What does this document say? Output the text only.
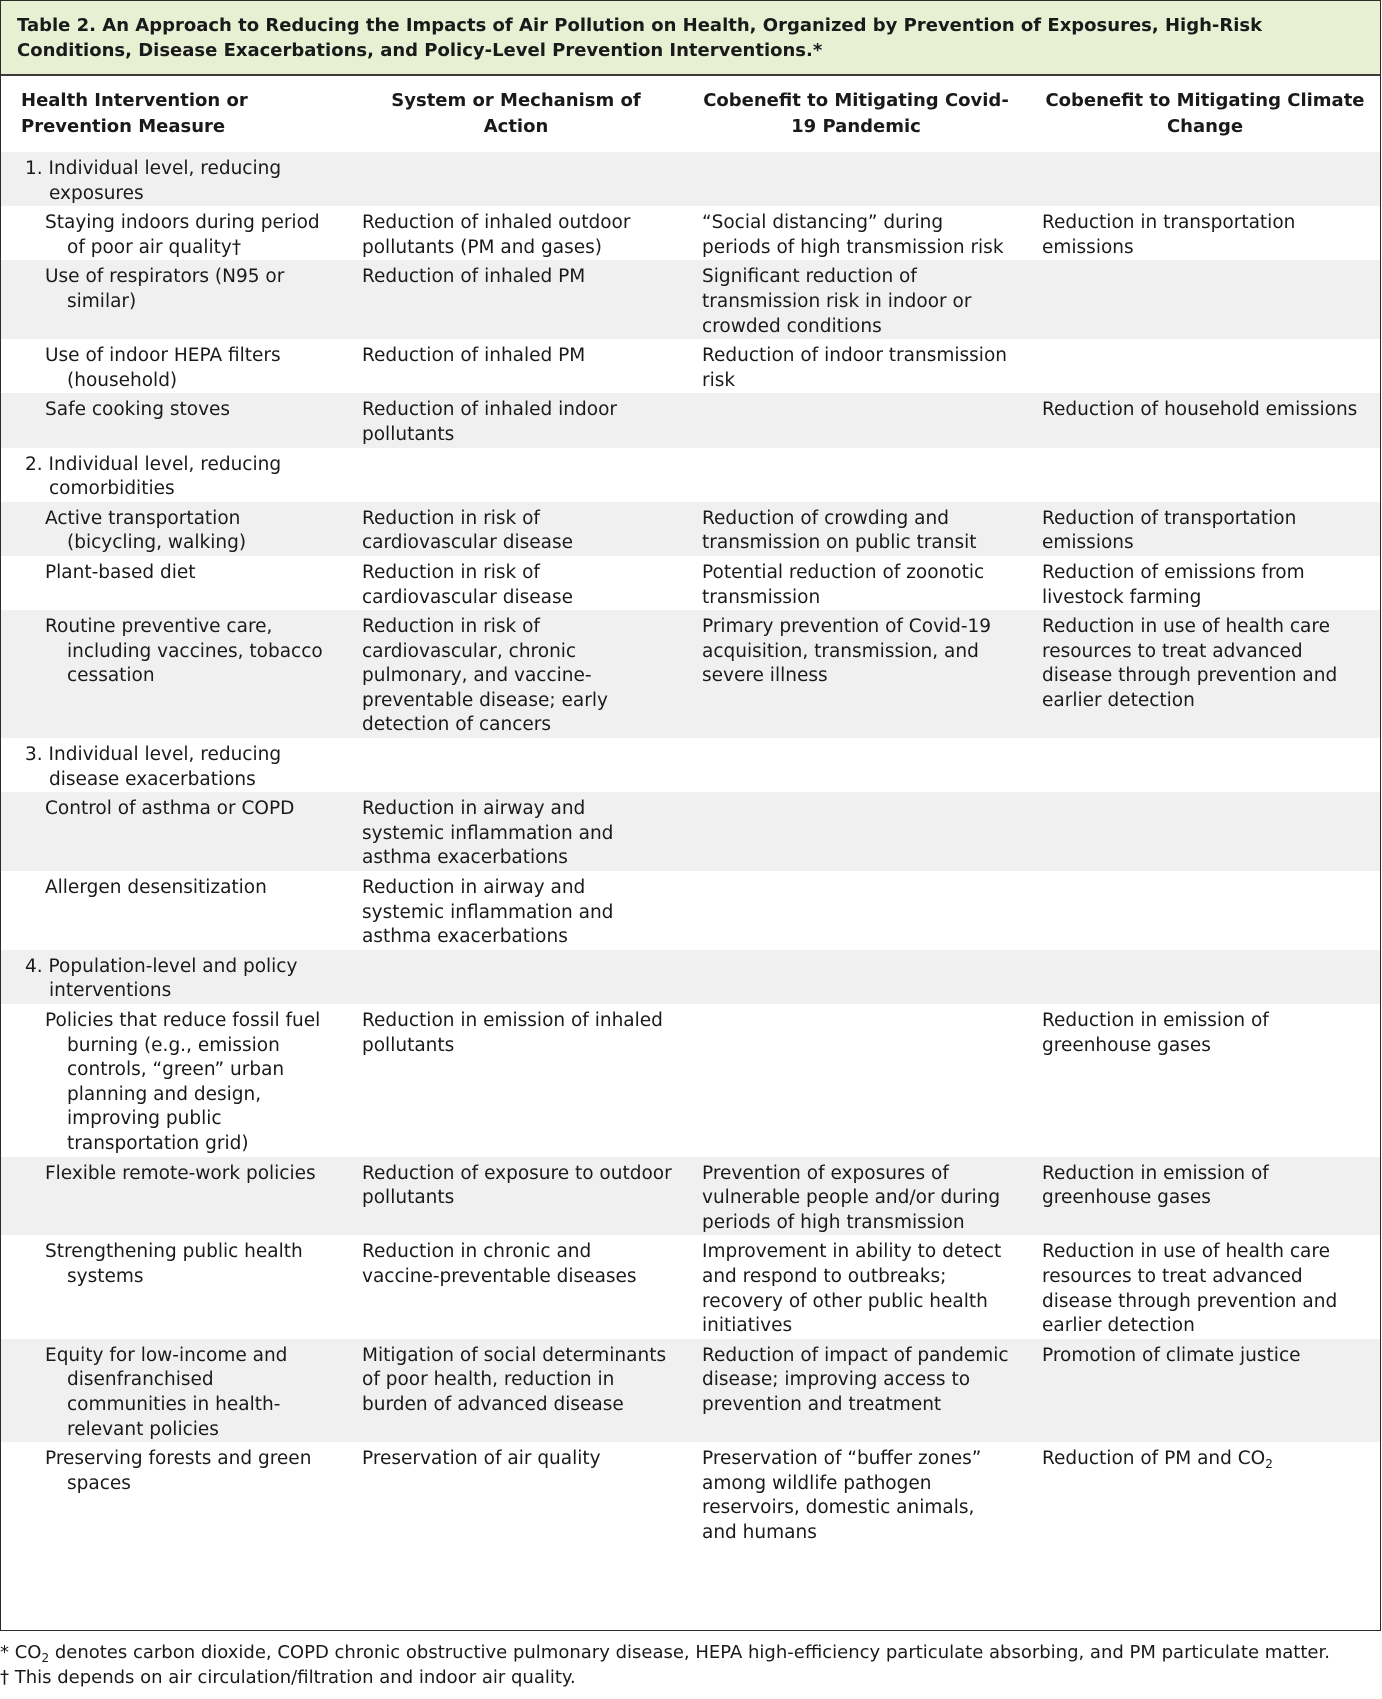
Table 2. An Approach to Reducing the Impacts of Air Pollution on Health, Organized by Prevention of Exposures, High-Risk Conditions, Disease Exacerbations, and Policy-Level Prevention Interventions.*
Health Intervention or Prevention Measure	System or Mechanism of Action	Cobenefit to Mitigating Covid-19 Pandemic	Cobenefit to Mitigating Climate Change

1. Individual level, reducing exposures			

Staying indoors during period of poor air quality†	Reduction of inhaled outdoor pollutants (PM and gases)	“Social distancing” during periods of high transmission risk	Reduction in transportation emissions

Use of respirators (N95 or similar)	Reduction of inhaled PM	Significant reduction of transmission risk in indoor or crowded conditions	

Use of indoor HEPA filters (household)	Reduction of inhaled PM	Reduction of indoor transmission risk	

Safe cooking stoves	Reduction of inhaled indoor pollutants		Reduction of household emissions

2. Individual level, reducing comorbidities			

Active transportation (bicycling, walking)	Reduction in risk of cardiovascular disease	Reduction of crowding and transmission on public transit	Reduction of transportation emissions

Plant-based diet	Reduction in risk of cardiovascular disease	Potential reduction of zoonotic transmission	Reduction of emissions from livestock farming

Routine preventive care, including vaccines, tobacco cessation	Reduction in risk of cardiovascular, chronic pulmonary, and vaccine-preventable disease; early detection of cancers	Primary prevention of Covid-19 acquisition, transmission, and severe illness	Reduction in use of health care resources to treat advanced disease through prevention and earlier detection

3. Individual level, reducing disease exacerbations			

Control of asthma or COPD	Reduction in airway and systemic inflammation and asthma exacerbations		

Allergen desensitization	Reduction in airway and systemic inflammation and asthma exacerbations		

4. Population-level and policy interventions			

Policies that reduce fossil fuel burning (e.g., emission controls, “green” urban planning and design, improving public transportation grid)	Reduction in emission of inhaled pollutants		Reduction in emission of greenhouse gases

Flexible remote-work policies	Reduction of exposure to outdoor pollutants	Prevention of exposures of vulnerable people and/or during periods of high transmission	Reduction in emission of greenhouse gases

Strengthening public health systems	Reduction in chronic and vaccine-preventable diseases	Improvement in ability to detect and respond to outbreaks; recovery of other public health initiatives	Reduction in use of health care resources to treat advanced disease through prevention and earlier detection

Equity for low-income and disenfranchised communities in health-relevant policies	Mitigation of social determinants of poor health, reduction in burden of advanced disease	Reduction of impact of pandemic disease; improving access to prevention and treatment	Promotion of climate justice

Preserving forests and green spaces	Preservation of air quality	Preservation of “buffer zones” among wildlife pathogen reservoirs, domestic animals, and humans	Reduction of PM and $CO_2$
* $CO_2$ denotes carbon dioxide, COPD chronic obstructive pulmonary disease, HEPA high-efficiency particulate absorbing, and PM particulate matter.
† This depends on air circulation/filtration and indoor air quality.
